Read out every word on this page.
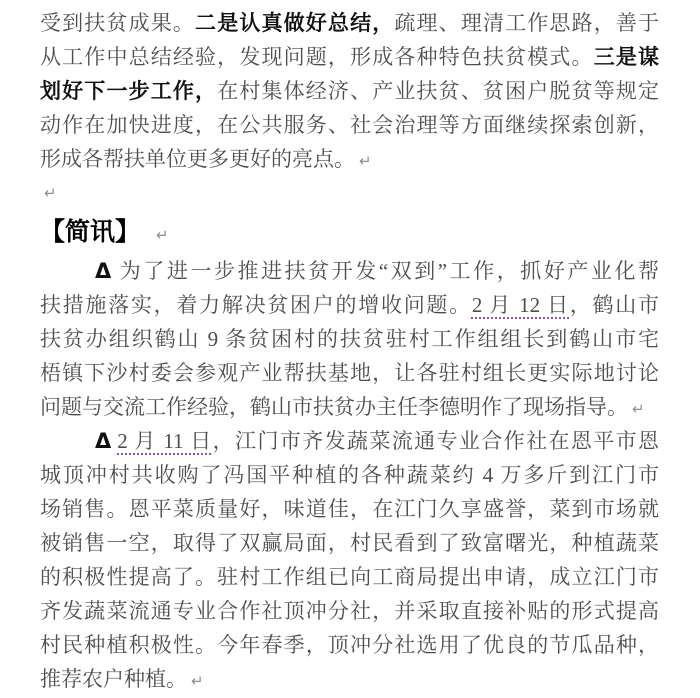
受到扶贫成果。二是认真做好总结，疏理、理清工作思路，善于
从工作中总结经验，发现问题，形成各种特色扶贫模式。三是谋
划好下一步工作，在村集体经济、产业扶贫、贫困户脱贫等规定
动作在加快进度，在公共服务、社会治理等方面继续探索创新，
形成各帮扶单位更多更好的亮点。 ↵
↵
【简讯】 ↵
Δ 为了进一步推进扶贫开发“双到”工作，抓好产业化帮
扶措施落实，着力解决贫困户的增收问题。2 月 12 日，鹤山市
扶贫办组织鹤山 9 条贫困村的扶贫驻村工作组组长到鹤山市宅
梧镇下沙村委会参观产业帮扶基地，让各驻村组长更实际地讨论
问题与交流工作经验，鹤山市扶贫办主任李德明作了现场指导。 ↵
Δ 2 月 11 日，江门市齐发蔬菜流通专业合作社在恩平市恩
城顶冲村共收购了冯国平种植的各种蔬菜约 4 万多斤到江门市
场销售。恩平菜质量好，味道佳，在江门久享盛誉，菜到市场就
被销售一空，取得了双赢局面，村民看到了致富曙光，种植蔬菜
的积极性提高了。驻村工作组已向工商局提出申请，成立江门市
齐发蔬菜流通专业合作社顶冲分社，并采取直接补贴的形式提高
村民种植积极性。今年春季，顶冲分社选用了优良的节瓜品种，
推荐农户种植。 ↵
